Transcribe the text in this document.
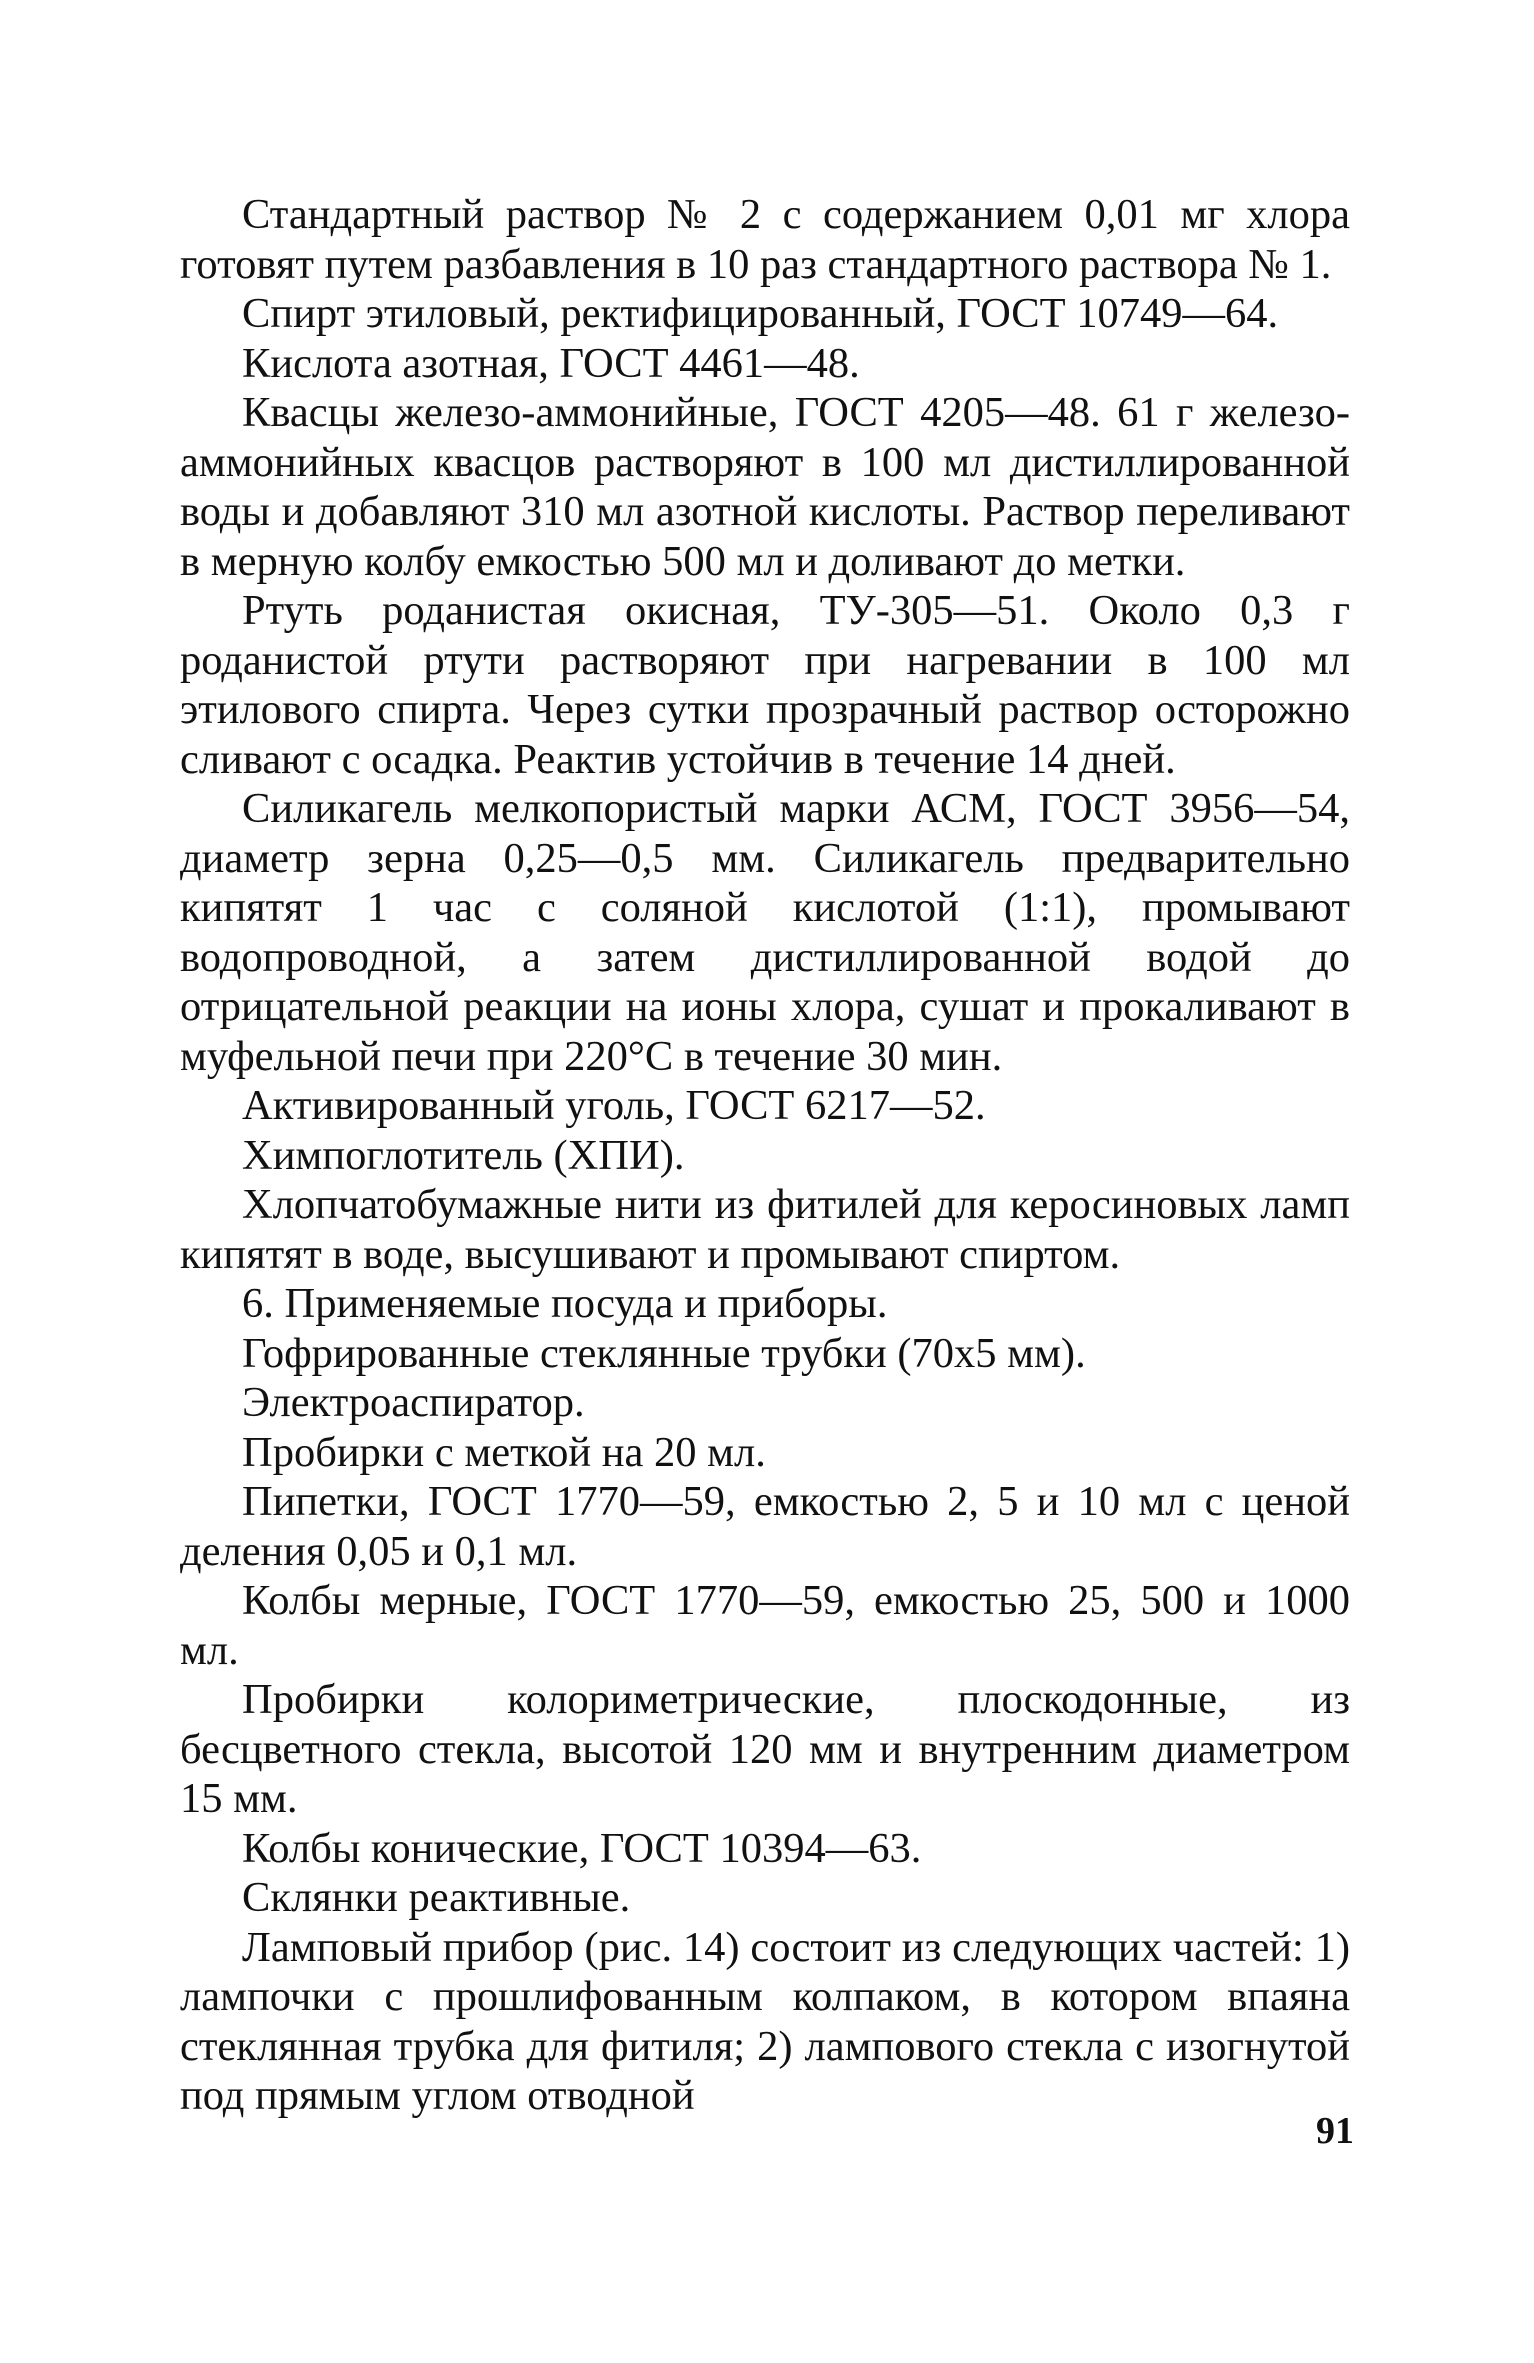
Стандартный раствор № 2 с содержанием 0,01 мг хлора готовят путем разбавления в 10 раз стандартного раствора № 1.

Спирт этиловый, ректифицированный, ГОСТ 10749—64.

Кислота азотная, ГОСТ 4461—48.

Квасцы железо-аммонийные, ГОСТ 4205—48. 61 г железо-аммонийных квасцов растворяют в 100 мл дистиллированной воды и добавляют 310 мл азотной кислоты. Раствор переливают в мерную колбу емкостью 500 мл и доливают до метки.

Ртуть роданистая окисная, ТУ-305—51. Около 0,3 г роданистой ртути растворяют при нагревании в 100 мл этилового спирта. Через сутки прозрачный раствор осторожно сливают с осадка. Реактив устойчив в течение 14 дней.

Силикагель мелкопористый марки АСМ, ГОСТ 3956—54, диаметр зерна 0,25—0,5 мм. Силикагель предварительно кипятят 1 час с соляной кислотой (1:1), промывают водопроводной, а затем дистиллированной водой до отрицательной реакции на ионы хлора, сушат и прокаливают в муфельной печи при 220°С в течение 30 мин.

Активированный уголь, ГОСТ 6217—52.

Химпоглотитель (ХПИ).

Хлопчатобумажные нити из фитилей для керосиновых ламп кипятят в воде, высушивают и промывают спиртом.

6. Применяемые посуда и приборы.

Гофрированные стеклянные трубки (70х5 мм).

Электроаспиратор.

Пробирки с меткой на 20 мл.

Пипетки, ГОСТ 1770—59, емкостью 2, 5 и 10 мл с ценой деления 0,05 и 0,1 мл.

Колбы мерные, ГОСТ 1770—59, емкостью 25, 500 и 1000 мл.

Пробирки колориметрические, плоскодонные, из бесцветного стекла, высотой 120 мм и внутренним диаметром 15 мм.

Колбы конические, ГОСТ 10394—63.

Склянки реактивные.

Ламповый прибор (рис. 14) состоит из следующих частей: 1) лампочки с прошлифованным колпаком, в котором впаяна стеклянная трубка для фитиля; 2) лампового стекла с изогнутой под прямым углом отводной

91
